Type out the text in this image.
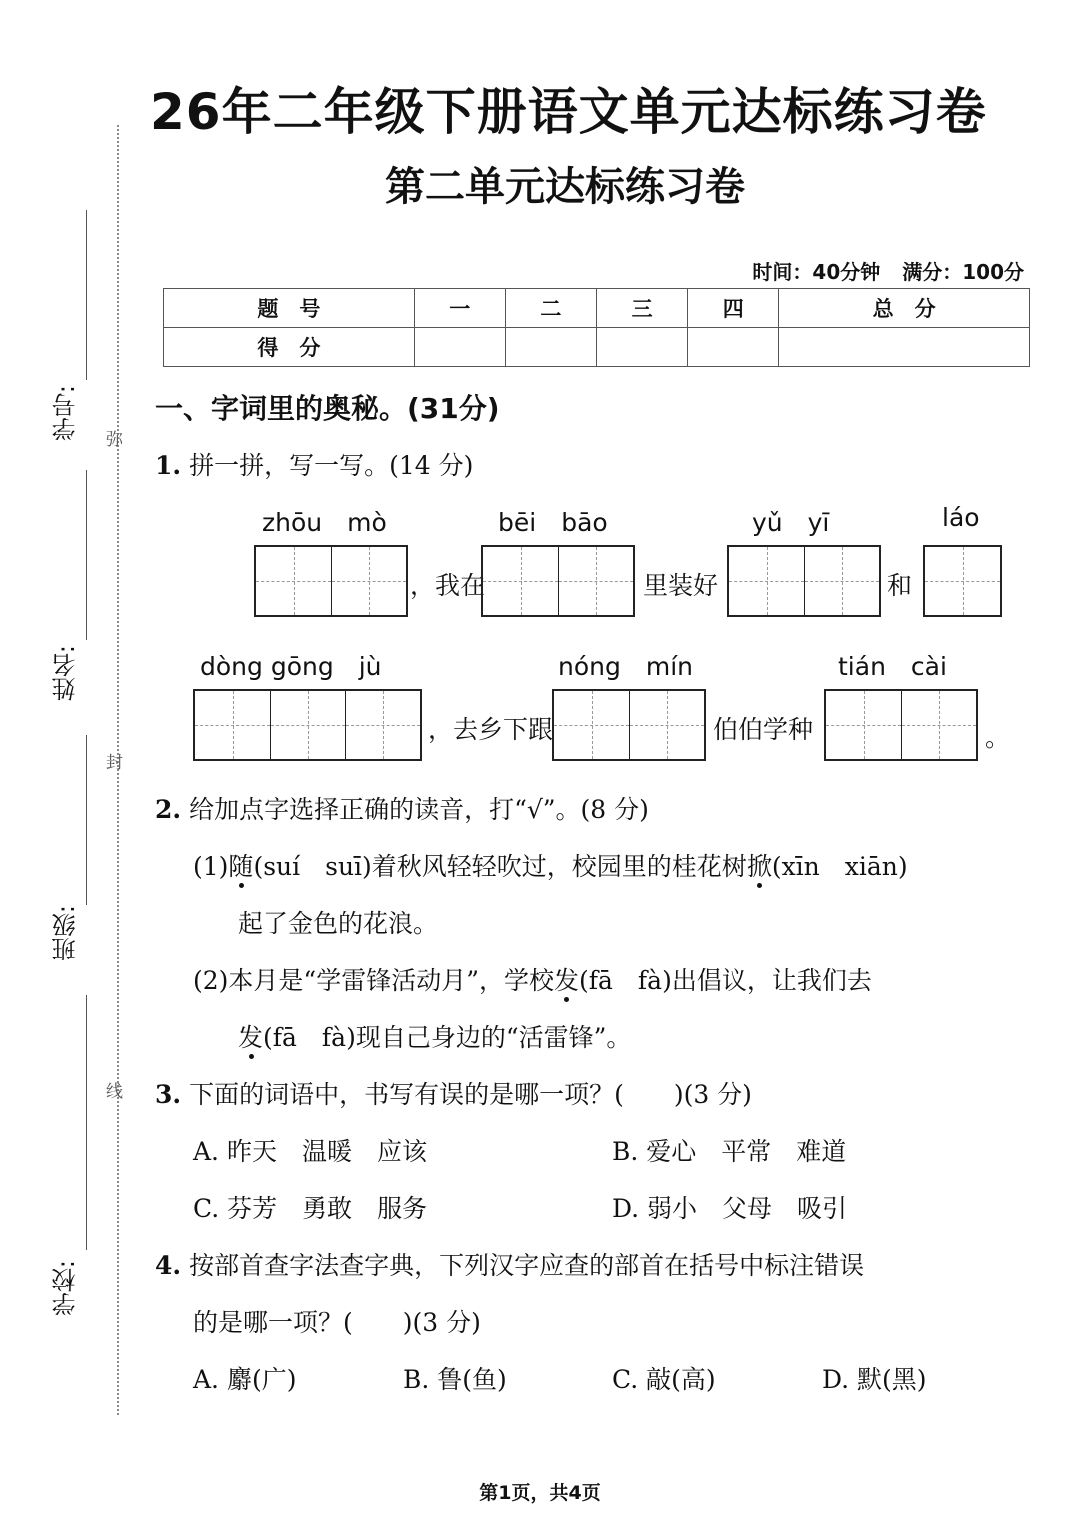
学号:
姓名:
班级:
学校:
弥
封
线
26年二年级下册语文单元达标练习卷
第二单元达标练习卷
时间：40分钟 满分：100分
题　号	一	二	三	四	总　分
得　分					
一、字词里的奥秘。(31分)
1. 拼一拼，写一写。(14 分)
zhōu　mò	bēi　bāo	yǔ　yī	láo
，我在	里装好	和
dòng gōng　jù	nóng　mín	tián　cài
，去乡下跟	伯伯学种	。
2. 给加点字选择正确的读音，打“√”。(8 分)
(1)随(suí　suī)着秋风轻轻吹过，校园里的桂花树掀(xīn　xiān)
起了金色的花浪。
(2)本月是“学雷锋活动月”，学校发(fā　fà)出倡议，让我们去
发(fā　fà)现自己身边的“活雷锋”。
3. 下面的词语中，书写有误的是哪一项？(　　)(3 分)
A. 昨天　温暖　应该	B. 爱心　平常　难道
C. 芬芳　勇敢　服务	D. 弱小　父母　吸引
4. 按部首查字法查字典，下列汉字应查的部首在括号中标注错误
的是哪一项？(　　)(3 分)
A. 麝(广)	B. 鲁(鱼)	C. 敲(高)	D. 默(黑)
第1页，共4页
